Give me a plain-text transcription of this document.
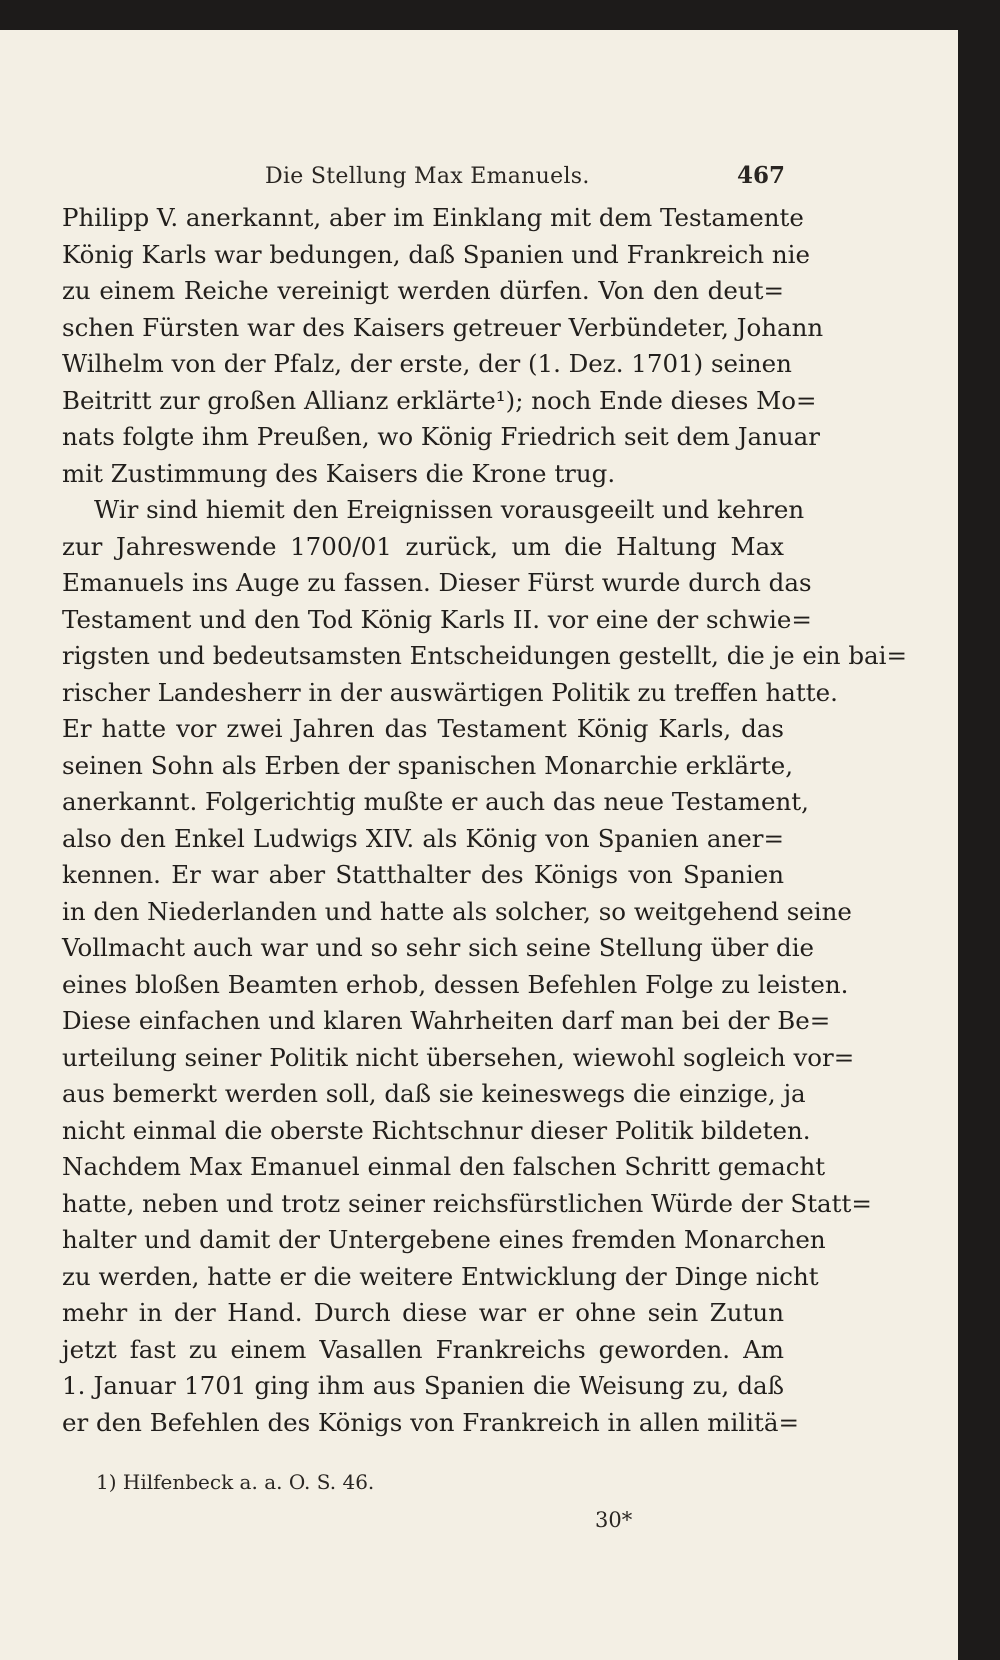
Die Stellung Max Emanuels.	467
Philipp V. anerkannt, aber im Einklang mit dem Testamente
König Karls war bedungen, daß Spanien und Frankreich nie
zu einem Reiche vereinigt werden dürfen. Von den deut=
schen Fürsten war des Kaisers getreuer Verbündeter, Johann
Wilhelm von der Pfalz, der erste, der (1. Dez. 1701) seinen
Beitritt zur großen Allianz erklärte¹); noch Ende dieses Mo=
nats folgte ihm Preußen, wo König Friedrich seit dem Januar
mit Zustimmung des Kaisers die Krone trug.
Wir sind hiemit den Ereignissen vorausgeeilt und kehren
zur Jahreswende 1700/01 zurück, um die Haltung Max
Emanuels ins Auge zu fassen. Dieser Fürst wurde durch das
Testament und den Tod König Karls II. vor eine der schwie=
rigsten und bedeutsamsten Entscheidungen gestellt, die je ein bai=
rischer Landesherr in der auswärtigen Politik zu treffen hatte.
Er hatte vor zwei Jahren das Testament König Karls, das
seinen Sohn als Erben der spanischen Monarchie erklärte,
anerkannt. Folgerichtig mußte er auch das neue Testament,
also den Enkel Ludwigs XIV. als König von Spanien aner=
kennen. Er war aber Statthalter des Königs von Spanien
in den Niederlanden und hatte als solcher, so weitgehend seine
Vollmacht auch war und so sehr sich seine Stellung über die
eines bloßen Beamten erhob, dessen Befehlen Folge zu leisten.
Diese einfachen und klaren Wahrheiten darf man bei der Be=
urteilung seiner Politik nicht übersehen, wiewohl sogleich vor=
aus bemerkt werden soll, daß sie keineswegs die einzige, ja
nicht einmal die oberste Richtschnur dieser Politik bildeten.
Nachdem Max Emanuel einmal den falschen Schritt gemacht
hatte, neben und trotz seiner reichsfürstlichen Würde der Statt=
halter und damit der Untergebene eines fremden Monarchen
zu werden, hatte er die weitere Entwicklung der Dinge nicht
mehr in der Hand. Durch diese war er ohne sein Zutun
jetzt fast zu einem Vasallen Frankreichs geworden. Am
1. Januar 1701 ging ihm aus Spanien die Weisung zu, daß
er den Befehlen des Königs von Frankreich in allen militä=
1) Hilfenbeck a. a. O. S. 46.
30*
